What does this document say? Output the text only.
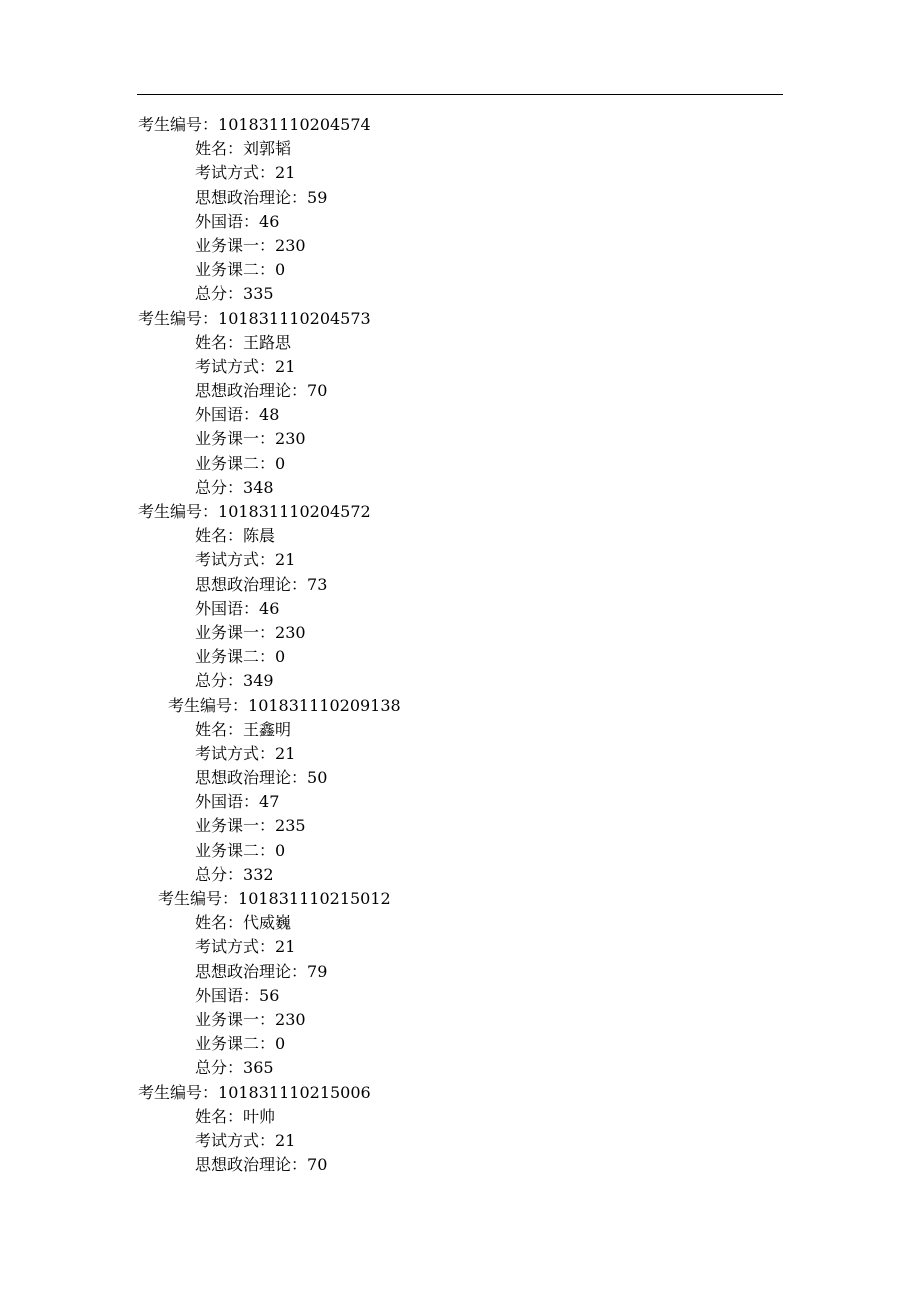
考生编号：101831110204574
姓名：刘郭韬
考试方式：21
思想政治理论：59
外国语：46
业务课一：230
业务课二：0
总分：335
考生编号：101831110204573
姓名：王路思
考试方式：21
思想政治理论：70
外国语：48
业务课一：230
业务课二：0
总分：348
考生编号：101831110204572
姓名：陈晨
考试方式：21
思想政治理论：73
外国语：46
业务课一：230
业务课二：0
总分：349
考生编号：101831110209138
姓名：王鑫明
考试方式：21
思想政治理论：50
外国语：47
业务课一：235
业务课二：0
总分：332
考生编号：101831110215012
姓名：代威巍
考试方式：21
思想政治理论：79
外国语：56
业务课一：230
业务课二：0
总分：365
考生编号：101831110215006
姓名：叶帅
考试方式：21
思想政治理论：70
